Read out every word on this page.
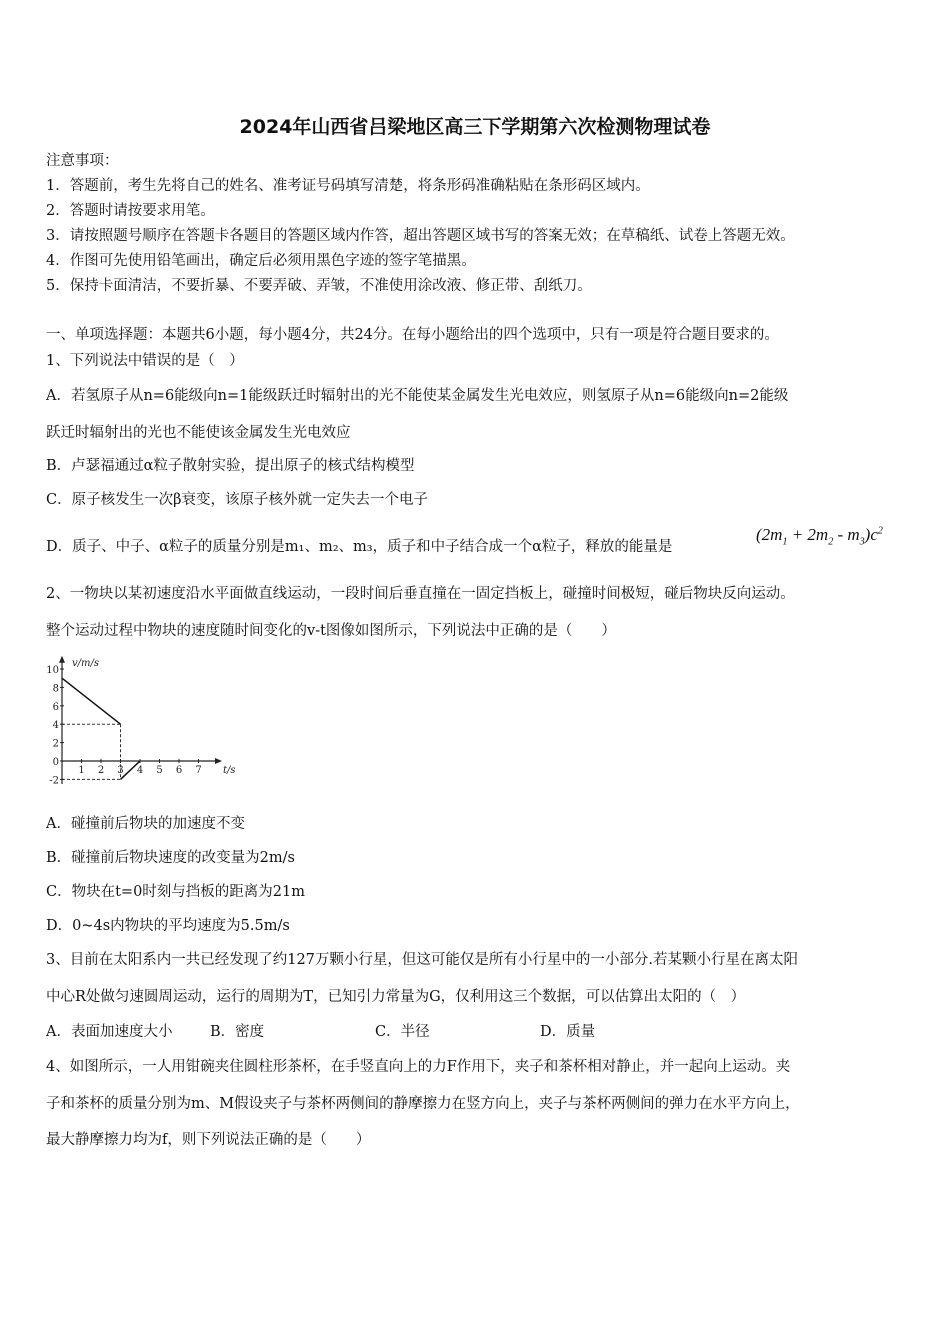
2024年山西省吕梁地区高三下学期第六次检测物理试卷
注意事项：
1．答题前，考生先将自己的姓名、准考证号码填写清楚，将条形码准确粘贴在条形码区域内。
2．答题时请按要求用笔。
3．请按照题号顺序在答题卡各题目的答题区域内作答，超出答题区域书写的答案无效；在草稿纸、试卷上答题无效。
4．作图可先使用铅笔画出，确定后必须用黑色字迹的签字笔描黑。
5．保持卡面清洁，不要折暴、不要弄破、弄皱，不准使用涂改液、修正带、刮纸刀。
一、单项选择题：本题共6小题，每小题4分，共24分。在每小题给出的四个选项中，只有一项是符合题目要求的。
1、下列说法中错误的是（　）
A．若氢原子从n=6能级向n=1能级跃迁时辐射出的光不能使某金属发生光电效应，则氢原子从n=6能级向n=2能级
跃迁时辐射出的光也不能使该金属发生光电效应
B．卢瑟福通过α粒子散射实验，提出原子的核式结构模型
C．原子核发生一次β衰变，该原子核外就一定失去一个电子
D．质子、中子、α粒子的质量分别是m₁、m₂、m₃，质子和中子结合成一个α粒子，释放的能量是
$(2m_1 + 2m_2 - m_3)c^2$
2、一物块以某初速度沿水平面做直线运动，一段时间后垂直撞在一固定挡板上，碰撞时间极短，碰后物块反向运动。
整个运动过程中物块的速度随时间变化的v-t图像如图所示，下列说法中正确的是（　　）
v/m/s
t/s
10
8
6
4
2
0
-2
1 2 3 4 5 6 7
A．碰撞前后物块的加速度不变
B．碰撞前后物块速度的改变量为2m/s
C．物块在t=0时刻与挡板的距离为21m
D．0~4s内物块的平均速度为5.5m/s
3、目前在太阳系内一共已经发现了约127万颗小行星，但这可能仅是所有小行星中的一小部分.若某颗小行星在离太阳
中心R处做匀速圆周运动，运行的周期为T，已知引力常量为G，仅利用这三个数据，可以估算出太阳的（　）
A．表面加速度大小	B．密度	C．半径	D．质量
4、如图所示，一人用钳碗夹住圆柱形茶杯，在手竖直向上的力F作用下，夹子和茶杯相对静止，并一起向上运动。夹
子和茶杯的质量分别为m、M假设夹子与茶杯两侧间的静摩擦力在竖方向上，夹子与茶杯两侧间的弹力在水平方向上，
最大静摩擦力均为f，则下列说法正确的是（　　）
